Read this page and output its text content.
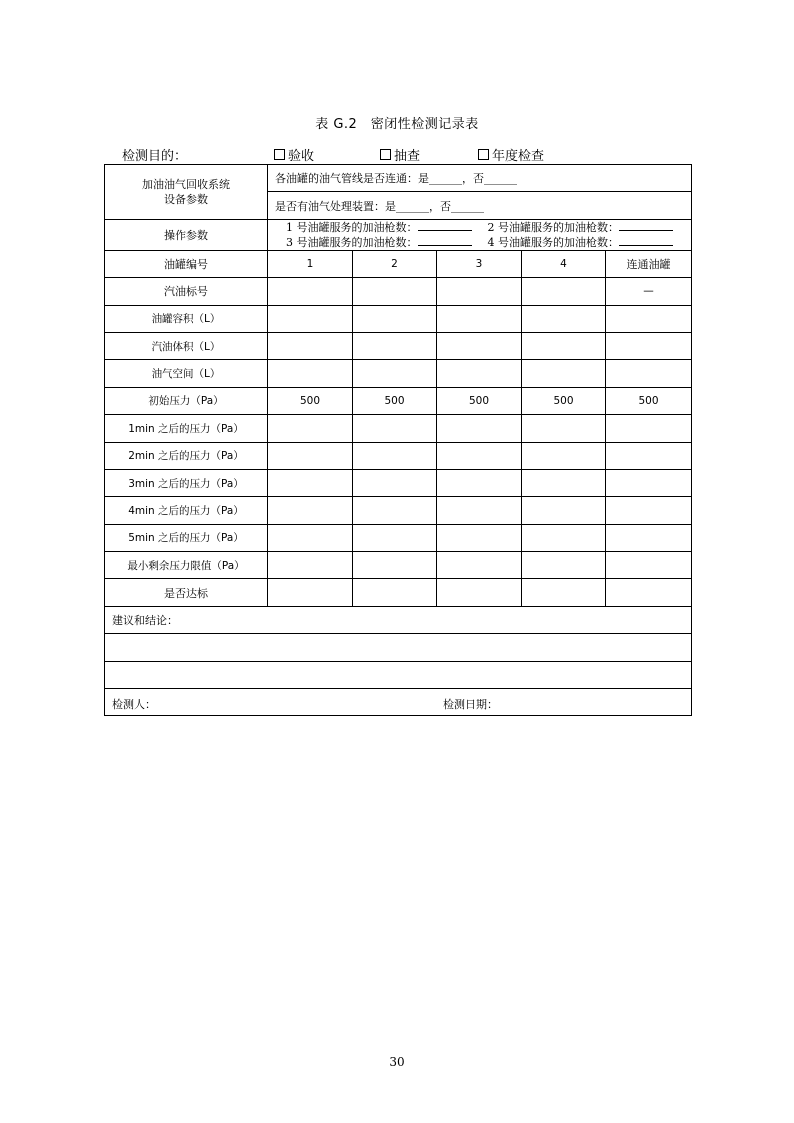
表 G.2　密闭性检测记录表
检测目的：	验收	抽查	年度检查
加油油气回收系统
设备参数	各油罐的油气管线是否连通：是______，否______				
	是否有油气处理装置：是______，否______				
操作参数	1 号油罐服务的加油枪数： 2 号油罐服务的加油枪数：
3 号油罐服务的加油枪数： 4 号油罐服务的加油枪数：				

油罐编号	1	2	3	4	连通油罐
汽油标号					—
油罐容积（L）					
汽油体积（L）					
油气空间（L）					
初始压力（Pa）	500	500	500	500	500
1min 之后的压力（Pa）					
2min 之后的压力（Pa）					
3min 之后的压力（Pa）					
4min 之后的压力（Pa）					
5min 之后的压力（Pa）					
最小剩余压力限值（Pa）					
是否达标					
建议和结论：					

检测人： 检测日期：					
30
